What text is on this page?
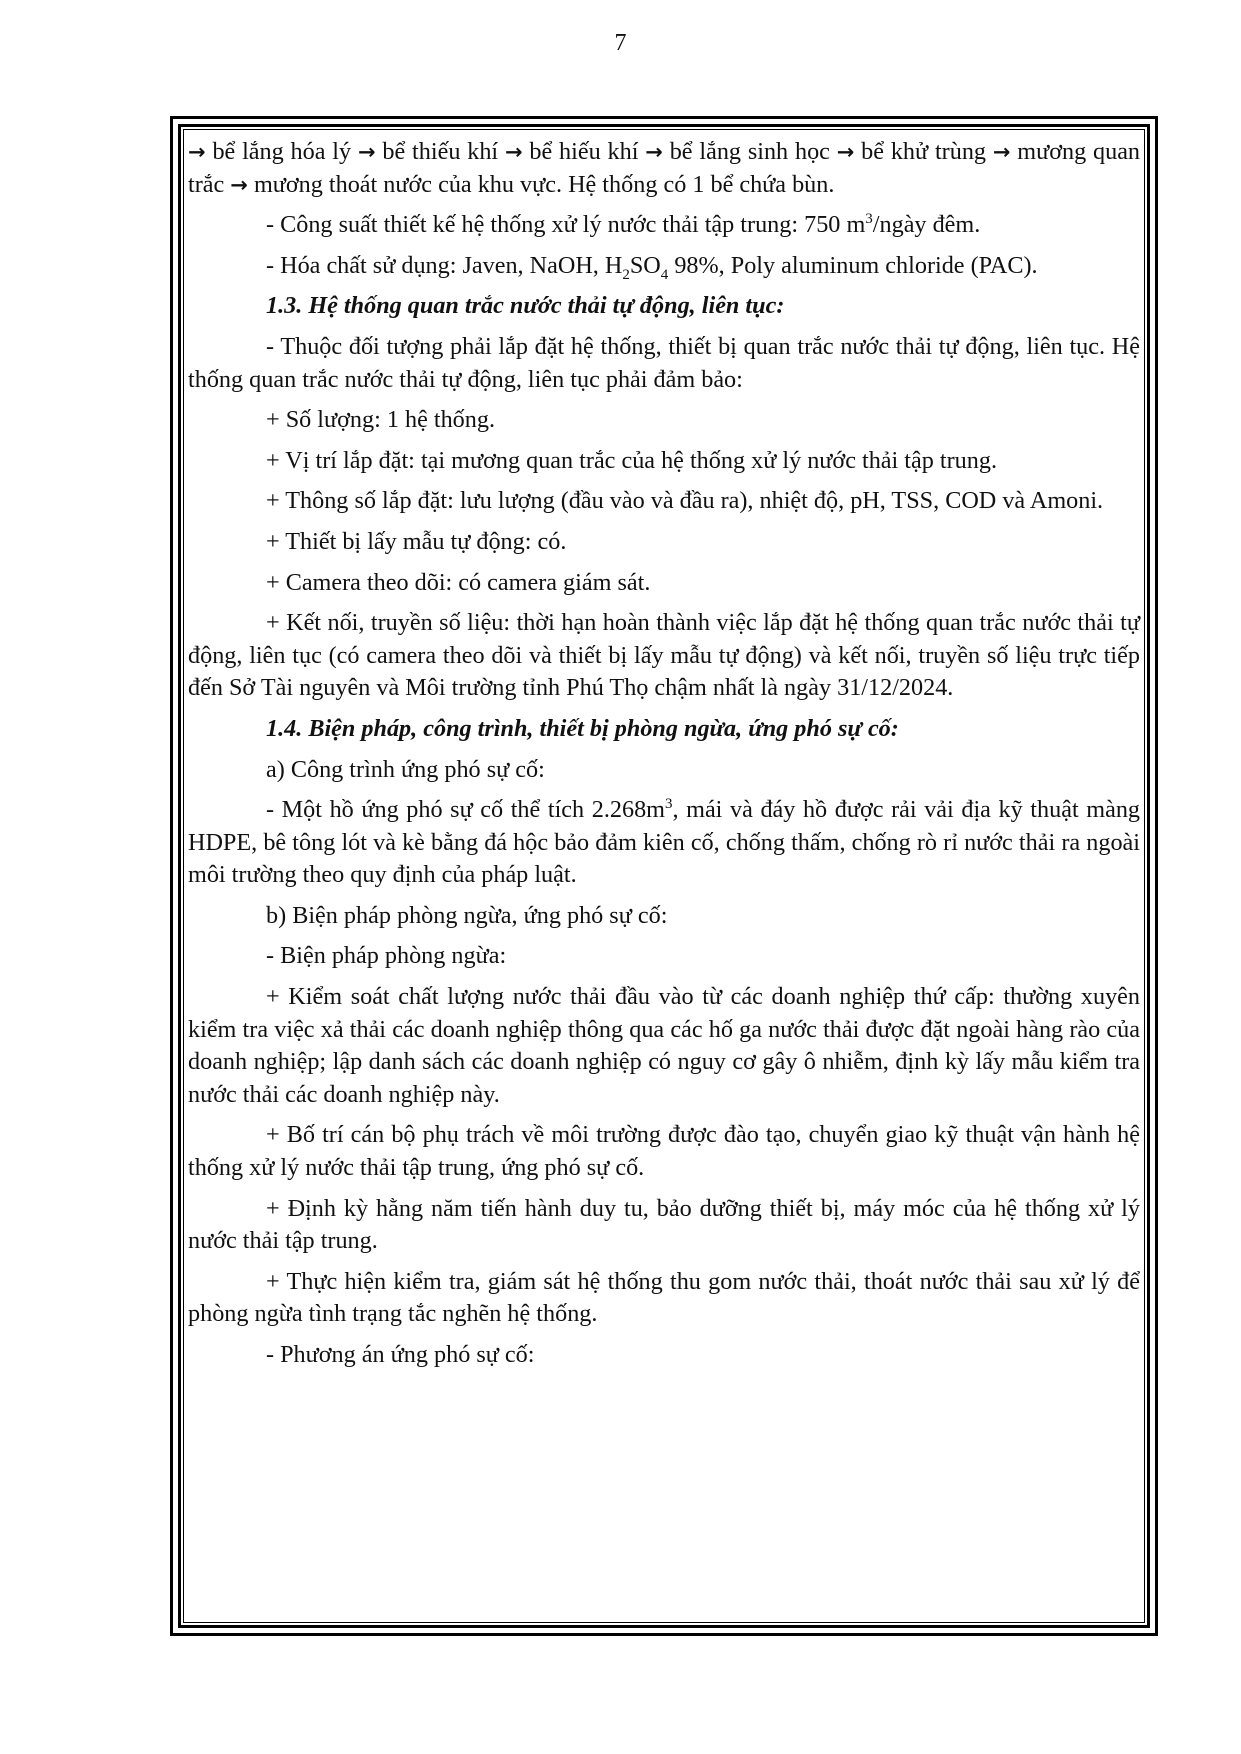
7

→ bể lắng hóa lý → bể thiếu khí → bể hiếu khí → bể lắng sinh học → bể khử trùng → mương quan trắc → mương thoát nước của khu vực. Hệ thống có 1 bể chứa bùn.

- Công suất thiết kế hệ thống xử lý nước thải tập trung: 750 $m^3$/ngày đêm.

- Hóa chất sử dụng: Javen, NaOH, $H_2SO_4$ 98%, Poly aluminum chloride (PAC).

1.3. Hệ thống quan trắc nước thải tự động, liên tục:

- Thuộc đối tượng phải lắp đặt hệ thống, thiết bị quan trắc nước thải tự động, liên tục. Hệ thống quan trắc nước thải tự động, liên tục phải đảm bảo:

+ Số lượng: 1 hệ thống.

+ Vị trí lắp đặt: tại mương quan trắc của hệ thống xử lý nước thải tập trung.

+ Thông số lắp đặt: lưu lượng (đầu vào và đầu ra), nhiệt độ, pH, TSS, COD và Amoni.

+ Thiết bị lấy mẫu tự động: có.

+ Camera theo dõi: có camera giám sát.

+ Kết nối, truyền số liệu: thời hạn hoàn thành việc lắp đặt hệ thống quan trắc nước thải tự động, liên tục (có camera theo dõi và thiết bị lấy mẫu tự động) và kết nối, truyền số liệu trực tiếp đến Sở Tài nguyên và Môi trường tỉnh Phú Thọ chậm nhất là ngày 31/12/2024.

1.4. Biện pháp, công trình, thiết bị phòng ngừa, ứng phó sự cố:

a) Công trình ứng phó sự cố:

- Một hồ ứng phó sự cố thể tích $2.268m^3$, mái và đáy hồ được rải vải địa kỹ thuật màng HDPE, bê tông lót và kè bằng đá hộc bảo đảm kiên cố, chống thấm, chống rò rỉ nước thải ra ngoài môi trường theo quy định của pháp luật.

b) Biện pháp phòng ngừa, ứng phó sự cố:

- Biện pháp phòng ngừa:

+ Kiểm soát chất lượng nước thải đầu vào từ các doanh nghiệp thứ cấp: thường xuyên kiểm tra việc xả thải các doanh nghiệp thông qua các hố ga nước thải được đặt ngoài hàng rào của doanh nghiệp; lập danh sách các doanh nghiệp có nguy cơ gây ô nhiễm, định kỳ lấy mẫu kiểm tra nước thải các doanh nghiệp này.

+ Bố trí cán bộ phụ trách về môi trường được đào tạo, chuyển giao kỹ thuật vận hành hệ thống xử lý nước thải tập trung, ứng phó sự cố.

+ Định kỳ hằng năm tiến hành duy tu, bảo dưỡng thiết bị, máy móc của hệ thống xử lý nước thải tập trung.

+ Thực hiện kiểm tra, giám sát hệ thống thu gom nước thải, thoát nước thải sau xử lý để phòng ngừa tình trạng tắc nghẽn hệ thống.

- Phương án ứng phó sự cố:
